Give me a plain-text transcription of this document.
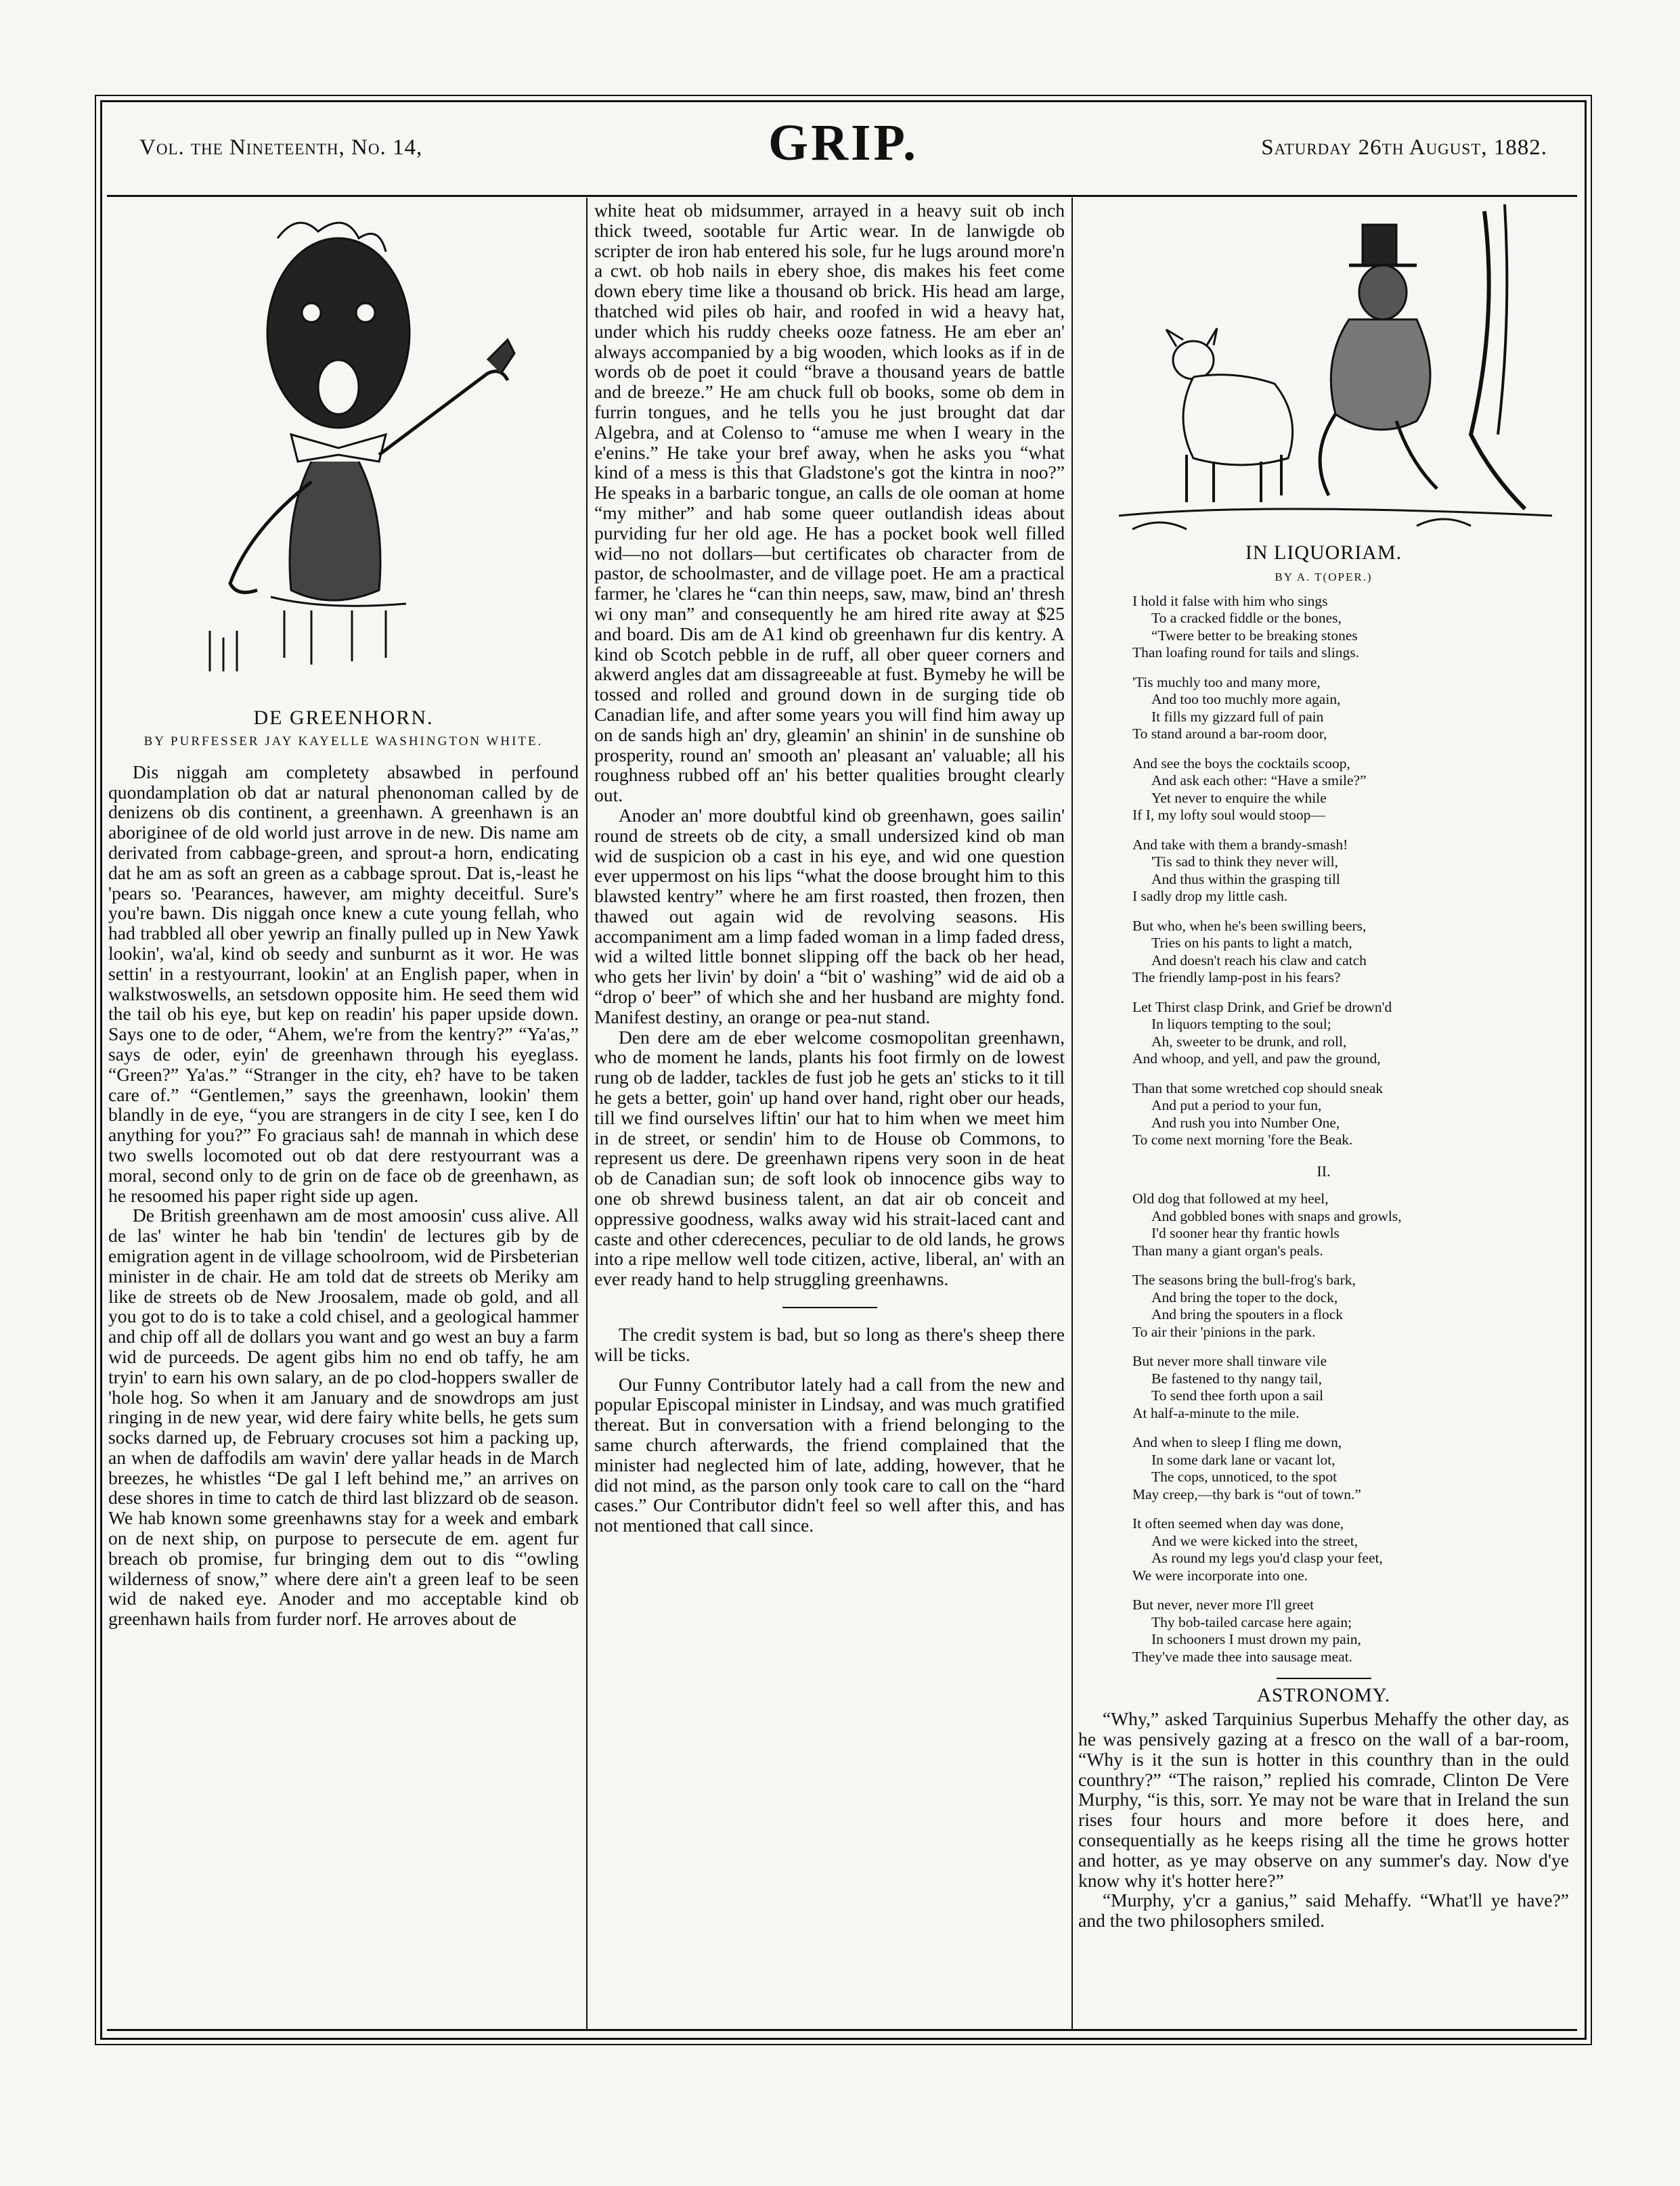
Vol. the Nineteenth, No. 14,	GRIP.	Saturday 26th August, 1882.
DE GREENHORN.
BY PURFESSER JAY KAYELLE WASHINGTON WHITE.

Dis niggah am completety absawbed in perfound quondamplation ob dat ar natural phenonoman called by de denizens ob dis continent, a greenhawn. A greenhawn is an aboriginee of de old world just arrove in de new. Dis name am derivated from cabbage-green, and sprout-a horn, endicating dat he am as soft an green as a cabbage sprout. Dat is,-least he 'pears so. 'Pearances, hawever, am mighty deceitful. Sure's you're bawn. Dis niggah once knew a cute young fellah, who had trabbled all ober yewrip an finally pulled up in New Yawk lookin', wa'al, kind ob seedy and sunburnt as it wor. He was settin' in a restyourrant, lookin' at an English paper, when in walkstwoswells, an setsdown opposite him. He seed them wid the tail ob his eye, but kep on readin' his paper upside down. Says one to de oder, “Ahem, we're from the kentry?” “Ya'as,” says de oder, eyin' de greenhawn through his eyeglass. “Green?” Ya'as.” “Stranger in the city, eh? have to be taken care of.” “Gentlemen,” says the greenhawn, lookin' them blandly in de eye, “you are strangers in de city I see, ken I do anything for you?” Fo graciaus sah! de mannah in which dese two swells locomoted out ob dat dere restyourrant was a moral, second only to de grin on de face ob de greenhawn, as he resoomed his paper right side up agen.

De British greenhawn am de most amoosin' cuss alive. All de las' winter he hab bin 'tendin' de lectures gib by de emigration agent in de village schoolroom, wid de Pirsbeterian minister in de chair. He am told dat de streets ob Meriky am like de streets ob de New Jroosalem, made ob gold, and all you got to do is to take a cold chisel, and a geological hammer and chip off all de dollars you want and go west an buy a farm wid de purceeds. De agent gibs him no end ob taffy, he am tryin' to earn his own salary, an de po clod-hoppers swaller de 'hole hog. So when it am January and de snowdrops am just ringing in de new year, wid dere fairy white bells, he gets sum socks darned up, de February crocuses sot him a packing up, an when de daffodils am wavin' dere yallar heads in de March breezes, he whistles “De gal I left behind me,” an arrives on dese shores in time to catch de third last blizzard ob de season. We hab known some greenhawns stay for a week and embark on de next ship, on purpose to persecute de em. agent fur breach ob promise, fur bringing dem out to dis “'owling wilderness of snow,” where dere ain't a green leaf to be seen wid de naked eye. Anoder and mo acceptable kind ob greenhawn hails from furder norf. He arroves about de

white heat ob midsummer, arrayed in a heavy suit ob inch thick tweed, sootable fur Artic wear. In de lanwigde ob scripter de iron hab entered his sole, fur he lugs around more'n a cwt. ob hob nails in ebery shoe, dis makes his feet come down ebery time like a thousand ob brick. His head am large, thatched wid piles ob hair, and roofed in wid a heavy hat, under which his ruddy cheeks ooze fatness. He am eber an' always accompanied by a big wooden, which looks as if in de words ob de poet it could “brave a thousand years de battle and de breeze.” He am chuck full ob books, some ob dem in furrin tongues, and he tells you he just brought dat dar Algebra, and at Colenso to “amuse me when I weary in the e'enins.” He take your bref away, when he asks you “what kind of a mess is this that Gladstone's got the kintra in noo?” He speaks in a barbaric tongue, an calls de ole ooman at home “my mither” and hab some queer outlandish ideas about purviding fur her old age. He has a pocket book well filled wid—no not dollars—but certificates ob character from de pastor, de schoolmaster, and de village poet. He am a practical farmer, he 'clares he “can thin neeps, saw, maw, bind an' thresh wi ony man” and consequently he am hired rite away at $25 and board. Dis am de A1 kind ob greenhawn fur dis kentry. A kind ob Scotch pebble in de ruff, all ober queer corners and akwerd angles dat am dissagreeable at fust. Bymeby he will be tossed and rolled and ground down in de surging tide ob Canadian life, and after some years you will find him away up on de sands high an' dry, gleamin' an shinin' in de sunshine ob prosperity, round an' smooth an' pleasant an' valuable; all his roughness rubbed off an' his better qualities brought clearly out.

Anoder an' more doubtful kind ob greenhawn, goes sailin' round de streets ob de city, a small undersized kind ob man wid de suspicion ob a cast in his eye, and wid one question ever uppermost on his lips “what the doose brought him to this blawsted kentry” where he am first roasted, then frozen, then thawed out again wid de revolving seasons. His accompaniment am a limp faded woman in a limp faded dress, wid a wilted little bonnet slipping off the back ob her head, who gets her livin' by doin' a “bit o' washing” wid de aid ob a “drop o' beer” of which she and her husband are mighty fond. Manifest destiny, an orange or pea-nut stand.

Den dere am de eber welcome cosmopolitan greenhawn, who de moment he lands, plants his foot firmly on de lowest rung ob de ladder, tackles de fust job he gets an' sticks to it till he gets a better, goin' up hand over hand, right ober our heads, till we find ourselves liftin' our hat to him when we meet him in de street, or sendin' him to de House ob Commons, to represent us dere. De greenhawn ripens very soon in de heat ob de Canadian sun; de soft look ob innocence gibs way to one ob shrewd business talent, an dat air ob conceit and oppressive goodness, walks away wid his strait-laced cant and caste and other cderecences, peculiar to de old lands, he grows into a ripe mellow well tode citizen, active, liberal, an' with an ever ready hand to help struggling greenhawns.

The credit system is bad, but so long as there's sheep there will be ticks.

Our Funny Contributor lately had a call from the new and popular Episcopal minister in Lindsay, and was much gratified thereat. But in conversation with a friend belonging to the same church afterwards, the friend complained that the minister had neglected him of late, adding, however, that he did not mind, as the parson only took care to call on the “hard cases.” Our Contributor didn't feel so well after this, and has not mentioned that call since.

IN LIQUORIAM.
BY A. T(OPER.)
I hold it false with him who sings
To a cracked fiddle or the bones,
“Twere better to be breaking stones
Than loafing round for tails and slings.
'Tis muchly too and many more,
And too too muchly more again,
It fills my gizzard full of pain
To stand around a bar-room door,
And see the boys the cocktails scoop,
And ask each other: “Have a smile?”
Yet never to enquire the while
If I, my lofty soul would stoop—
And take with them a brandy-smash!
'Tis sad to think they never will,
And thus within the grasping till
I sadly drop my little cash.
But who, when he's been swilling beers,
Tries on his pants to light a match,
And doesn't reach his claw and catch
The friendly lamp-post in his fears?
Let Thirst clasp Drink, and Grief be drown'd
In liquors tempting to the soul;
Ah, sweeter to be drunk, and roll,
And whoop, and yell, and paw the ground,
Than that some wretched cop should sneak
And put a period to your fun,
And rush you into Number One,
To come next morning 'fore the Beak.
II.
Old dog that followed at my heel,
And gobbled bones with snaps and growls,
I'd sooner hear thy frantic howls
Than many a giant organ's peals.
The seasons bring the bull-frog's bark,
And bring the toper to the dock,
And bring the spouters in a flock
To air their 'pinions in the park.
But never more shall tinware vile
Be fastened to thy nangy tail,
To send thee forth upon a sail
At half-a-minute to the mile.
And when to sleep I fling me down,
In some dark lane or vacant lot,
The cops, unnoticed, to the spot
May creep,—thy bark is “out of town.”
It often seemed when day was done,
And we were kicked into the street,
As round my legs you'd clasp your feet,
We were incorporate into one.
But never, never more I'll greet
Thy bob-tailed carcase here again;
In schooners I must drown my pain,
They've made thee into sausage meat.
ASTRONOMY.

“Why,” asked Tarquinius Superbus Mehaffy the other day, as he was pensively gazing at a fresco on the wall of a bar-room, “Why is it the sun is hotter in this counthry than in the ould counthry?” “The raison,” replied his comrade, Clinton De Vere Murphy, “is this, sorr. Ye may not be ware that in Ireland the sun rises four hours and more before it does here, and consequentially as he keeps rising all the time he grows hotter and hotter, as ye may observe on any summer's day. Now d'ye know why it's hotter here?”

“Murphy, y'cr a ganius,” said Mehaffy. “What'll ye have?” and the two philosophers smiled.
